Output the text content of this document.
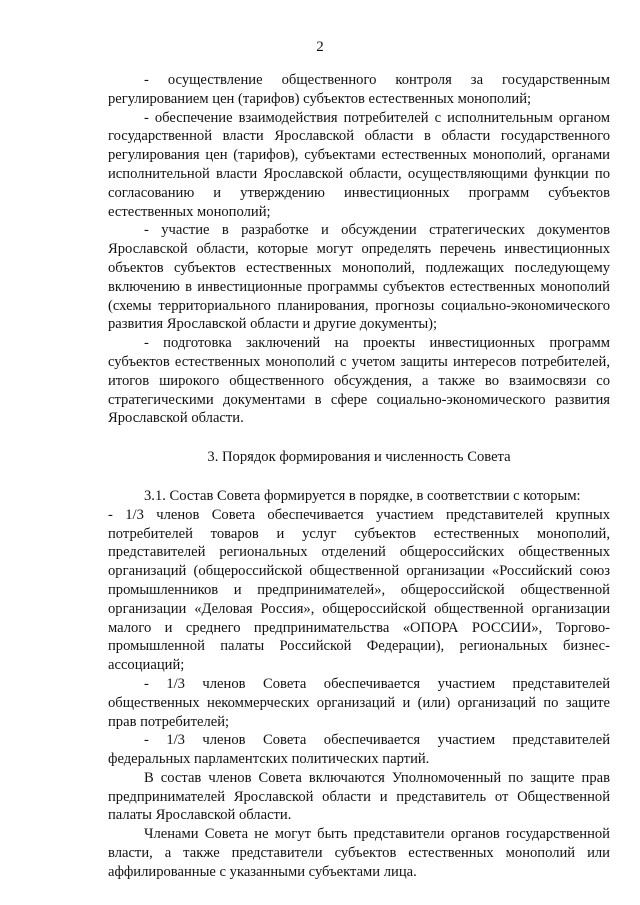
2

- осуществление общественного контроля за государственным регулированием цен (тарифов) субъектов естественных монополий;

- обеспечение взаимодействия потребителей с исполнительным органом государственной власти Ярославской области в области государственного регулирования цен (тарифов), субъектами естественных монополий, органами исполнительной власти Ярославской области, осуществляющими функции по согласованию и утверждению инвестиционных программ субъектов естественных монополий;

- участие в разработке и обсуждении стратегических документов Ярославской области, которые могут определять перечень инвестиционных объектов субъектов естественных монополий, подлежащих последующему включению в инвестиционные программы субъектов естественных монополий (схемы территориального планирования, прогнозы социально-экономического развития Ярославской области и другие документы);

- подготовка заключений на проекты инвестиционных программ субъектов естественных монополий с учетом защиты интересов потребителей, итогов широкого общественного обсуждения, а также во взаимосвязи со стратегическими документами в сфере социально-экономического развития Ярославской области.

3. Порядок формирования и численность Совета

3.1. Состав Совета формируется в порядке, в соответствии с которым:

- 1/3 членов Совета обеспечивается участием представителей крупных потребителей товаров и услуг субъектов естественных монополий, представителей региональных отделений общероссийских общественных организаций (общероссийской общественной организации «Российский союз промышленников и предпринимателей», общероссийской общественной организации «Деловая Россия», общероссийской общественной организации малого и среднего предпринимательства «ОПОРА РОССИИ», Торгово-промышленной палаты Российской Федерации), региональных бизнес-ассоциаций;

- 1/3 членов Совета обеспечивается участием представителей общественных некоммерческих организаций и (или) организаций по защите прав потребителей;

- 1/3 членов Совета обеспечивается участием представителей федеральных парламентских политических партий.

В состав членов Совета включаются Уполномоченный по защите прав предпринимателей Ярославской области и представитель от Общественной палаты Ярославской области.

Членами Совета не могут быть представители органов государственной власти, а также представители субъектов естественных монополий или аффилированные с указанными субъектами лица.
